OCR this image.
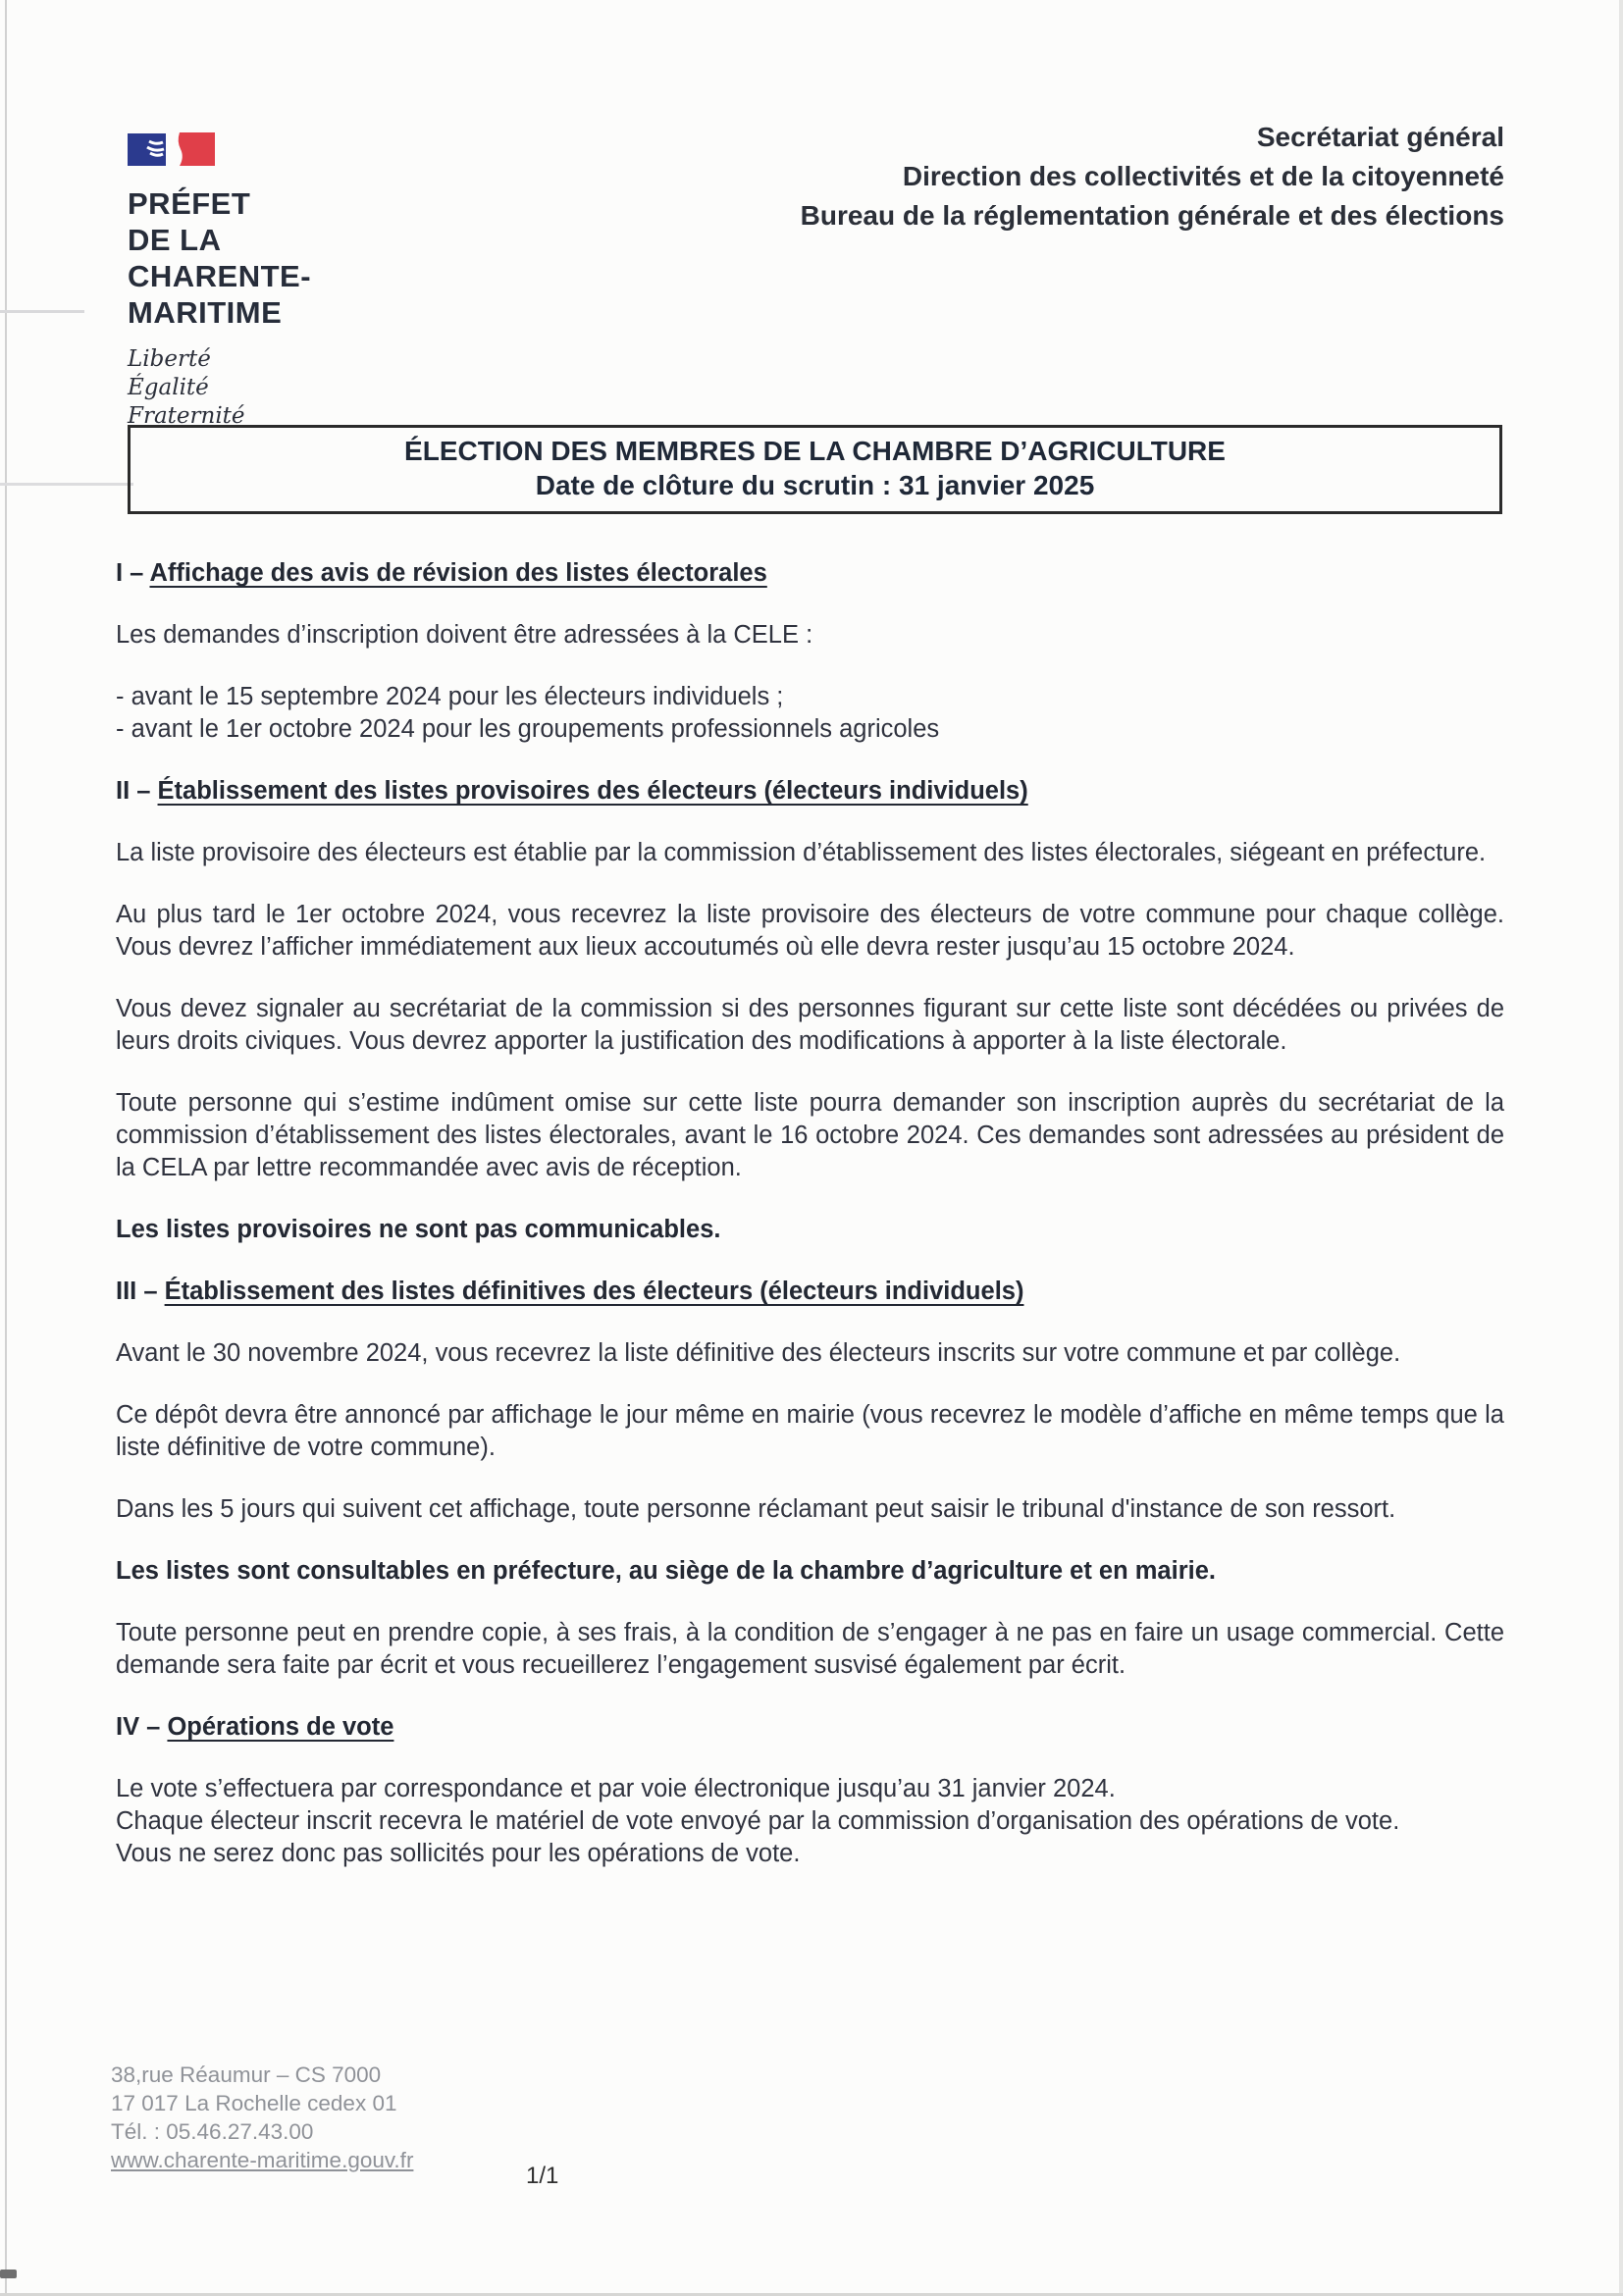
PRÉFET
DE LA
CHARENTE-
MARITIME
Liberté
Égalité
Fraternité
Secrétariat général
Direction des collectivités et de la citoyenneté
Bureau de la réglementation générale et des élections
ÉLECTION DES MEMBRES DE LA CHAMBRE D’AGRICULTURE
Date de clôture du scrutin : 31 janvier 2025
I – Affichage des avis de révision des listes électorales
Les demandes d’inscription doivent être adressées à la CELE :
- avant le 15 septembre 2024 pour les électeurs individuels ;
- avant le 1er octobre 2024 pour les groupements professionnels agricoles
II – Établissement des listes provisoires des électeurs (électeurs individuels)
La liste provisoire des électeurs est établie par la commission d’établissement des listes électorales, siégeant en préfecture.
Au plus tard le 1er octobre 2024, vous recevrez la liste provisoire des électeurs de votre commune pour chaque collège. Vous devrez l’afficher immédiatement aux lieux accoutumés où elle devra rester jusqu’au 15 octobre 2024.
Vous devez signaler au secrétariat de la commission si des personnes figurant sur cette liste sont décédées ou privées de leurs droits civiques. Vous devrez apporter la justification des modifications à apporter à la liste électorale.
Toute personne qui s’estime indûment omise sur cette liste pourra demander son inscription auprès du secrétariat de la commission d’établissement des listes électorales, avant le 16 octobre 2024. Ces demandes sont adressées au président de la CELA par lettre recommandée avec avis de réception.
Les listes provisoires ne sont pas communicables.
III – Établissement des listes définitives des électeurs (électeurs individuels)
Avant le 30 novembre 2024, vous recevrez la liste définitive des électeurs inscrits sur votre commune et par collège.
Ce dépôt devra être annoncé par affichage le jour même en mairie (vous recevrez le modèle d’affiche en même temps que la liste définitive de votre commune).
Dans les 5 jours qui suivent cet affichage, toute personne réclamant peut saisir le tribunal d'instance de son ressort.
Les listes sont consultables en préfecture, au siège de la chambre d’agriculture et en mairie.
Toute personne peut en prendre copie, à ses frais, à la condition de s’engager à ne pas en faire un usage commercial. Cette demande sera faite par écrit et vous recueillerez l’engagement susvisé également par écrit.
IV – Opérations de vote
Le vote s’effectuera par correspondance et par voie électronique jusqu’au 31 janvier 2024.
Chaque électeur inscrit recevra le matériel de vote envoyé par la commission d’organisation des opérations de vote.
Vous ne serez donc pas sollicités pour les opérations de vote.
38,rue Réaumur – CS 7000
17 017 La Rochelle cedex 01
Tél. : 05.46.27.43.00
www.charente-maritime.gouv.fr
1/1
